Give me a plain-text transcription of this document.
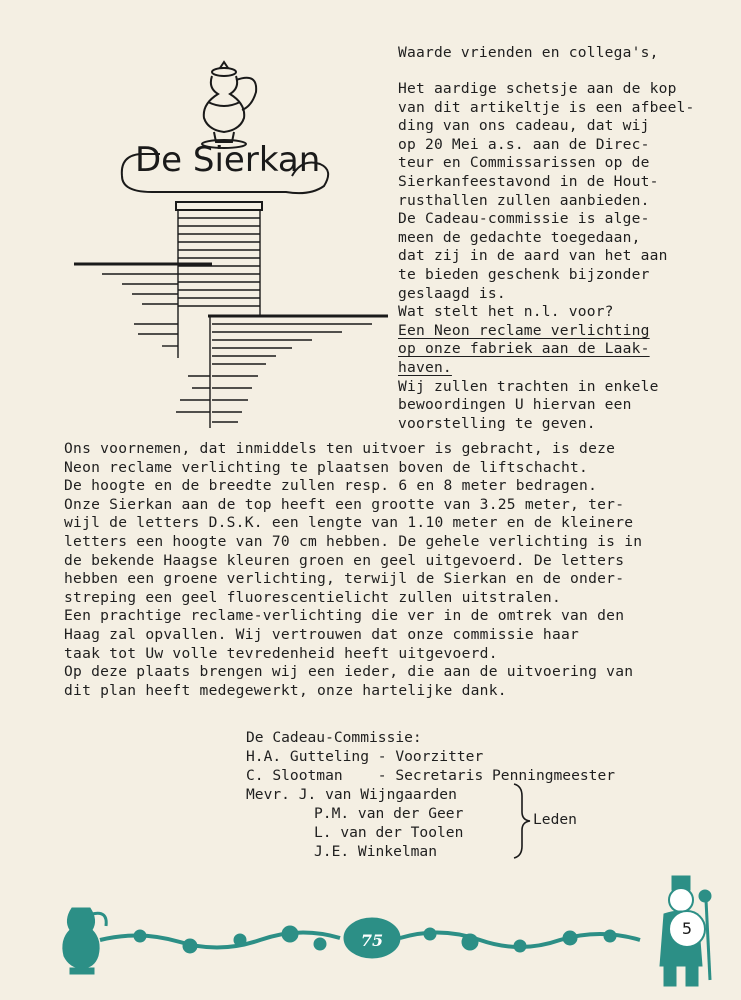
De Sierkan
Waarde vrienden en collega's,

Het aardige schetsje aan de kop

van dit artikeltje is een afbeel-

ding van ons cadeau, dat wij

op 20 Mei a.s. aan de Direc-

teur en Commissarissen op de

Sierkanfeestavond in de Hout-

rusthallen zullen aanbieden.

De Cadeau-commissie is algе-

meen de gedachte toegedaan,

dat zij in de aard van het aan

te bieden geschenk bijzonder

geslaagd is.

Wat stelt het n.l. voor?

Een Neon reclame verlichting

op onze fabriek aan de Laak-

haven.

Wij zullen trachten in enkele

bewoordingen U hiervan een

voorstelling te geven.

Ons voornemen, dat inmiddels ten uitvoer is gebracht, is deze

Neon reclame verlichting te plaatsen boven de liftschacht.

De hoogte en de breedte zullen resp. 6 en 8 meter bedragen.

Onze Sierkan aan de top heeft een grootte van 3.25 meter, ter-

wijl de letters D.S.K. een lengte van 1.10 meter en de kleinere

letters een hoogte van 70 cm hebben. De gehele verlichting is in

de bekende Haagse kleuren groen en geel uitgevoerd. De letters

hebben een groene verlichting, terwijl de Sierkan en de onder-

streping een geel fluorescentielicht zullen uitstralen.

Een prachtige reclame-verlichting die ver in de omtrek van den

Haag zal opvallen. Wij vertrouwen dat onze commissie haar

taak tot Uw volle tevredenheid heeft uitgevoerd.

Op deze plaats brengen wij een ieder, die aan de uitvoering van

dit plan heeft medegewerkt, onze hartelijke dank.

De Cadeau-Commissie:
H.A. Gutteling - Voorzitter
C. Slootman    - Secretaris Penningmeester
Mevr. J. van Wijngaarden
P.M. van der Geer
L. van der Toolen
J.E. Winkelman
Leden
75
5
